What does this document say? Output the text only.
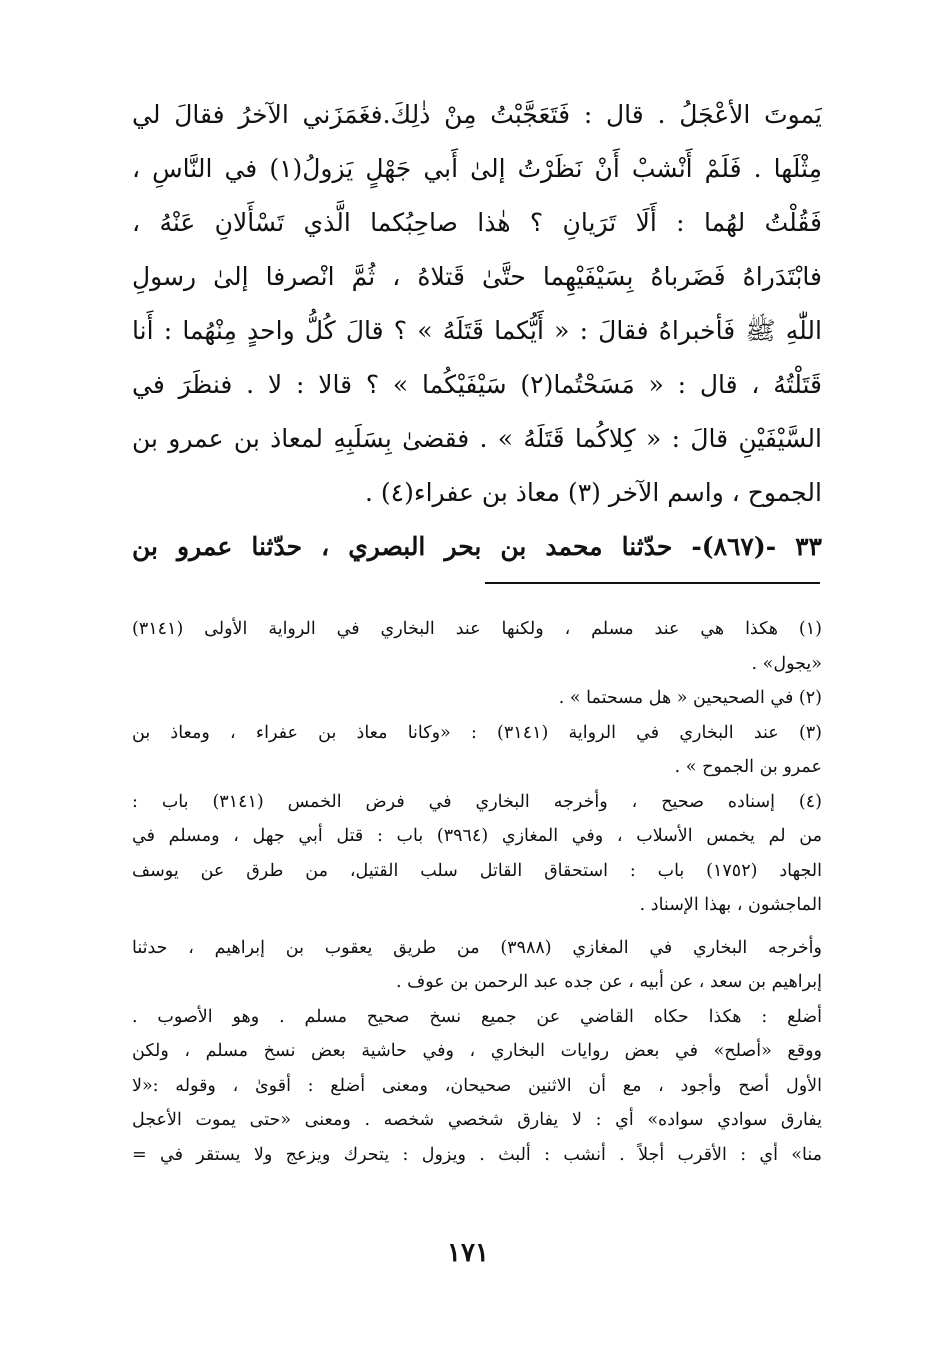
يَموتَ الأعْجَلُ . قال : فَتَعَجَّبْتُ مِنْ ذٰلِكَ.فغَمَزَني الآخرُ فقالَ لي
مِثْلَها . فَلَمْ أَنْشبْ أَنْ نَظَرْتُ إلىٰ أَبي جَهْلٍ يَزولُ(١) في النَّاسِ ،
فَقُلْتُ لهُما : أَلَا تَرَيانِ ؟ هٰذا صاحِبُكما الَّذي تَسْأَلانِ عَنْهُ ،
فابْتَدَراهُ فَضَرباهُ بِسَيْفَيْهِما حتَّىٰ قَتلاهُ ، ثُمَّ انْصرفا إلىٰ رسولِ
اللّٰهِ ﷺ فَأخبراهُ فقالَ : « أَيُّكما قَتَلَهُ » ؟ قالَ كُلُّ واحدٍ مِنْهُما : أَنا
قَتَلْتُهُ ، قال : « مَسَحْتُما(٢) سَيْفَيْكُما » ؟ قالا : لا . فنظَرَ في
السَّيْفَيْنِ قالَ : « كِلاكُما قَتَلَهُ » . فقضىٰ بِسَلَبِهِ لمعاذ بن عمرو بن
الجموح ، واسم الآخر (٣) معاذ بن عفراء(٤) .
٣٣ -(٨٦٧)- حدّثنا محمد بن بحر البصري ، حدّثنا عمرو بن
(١) هكذا هي عند مسلم ، ولكنها عند البخاري في الرواية الأولى (٣١٤١)
«يجول» .
(٢) في الصحيحين « هل مسحتما » .
(٣) عند البخاري في الرواية (٣١٤١) : «وكانا معاذ بن عفراء ، ومعاذ بن
عمرو بن الجموح » .
(٤) إسناده صحيح ، وأخرجه البخاري في فرض الخمس (٣١٤١) باب :
من لم يخمس الأسلاب ، وفي المغازي (٣٩٦٤) باب : قتل أبي جهل ، ومسلم في
الجهاد (١٧٥٢) باب : استحقاق القاتل سلب القتيل، من طرق عن يوسف
الماجشون ، بهذا الإسناد .
وأخرجه البخاري في المغازي (٣٩٨٨) من طريق يعقوب بن إبراهيم ، حدثنا
إبراهيم بن سعد ، عن أبيه ، عن جده عبد الرحمن بن عوف .
أضلع : هكذا حكاه القاضي عن جميع نسخ صحيح مسلم . وهو الأصوب .
ووقع «أصلح» في بعض روايات البخاري ، وفي حاشية بعض نسخ مسلم ، ولكن
الأول أصح وأجود ، مع أن الاثنين صحيحان، ومعنى أضلع : أقوىٰ ، وقوله :«لا
يفارق سوادي سواده» أي : لا يفارق شخصي شخصه . ومعنى «حتى يموت الأعجل
منا» أي : الأقرب أجلاً . أنشب : ألبث . ويزول : يتحرك ويزعج ولا يستقر في =
١٧١
